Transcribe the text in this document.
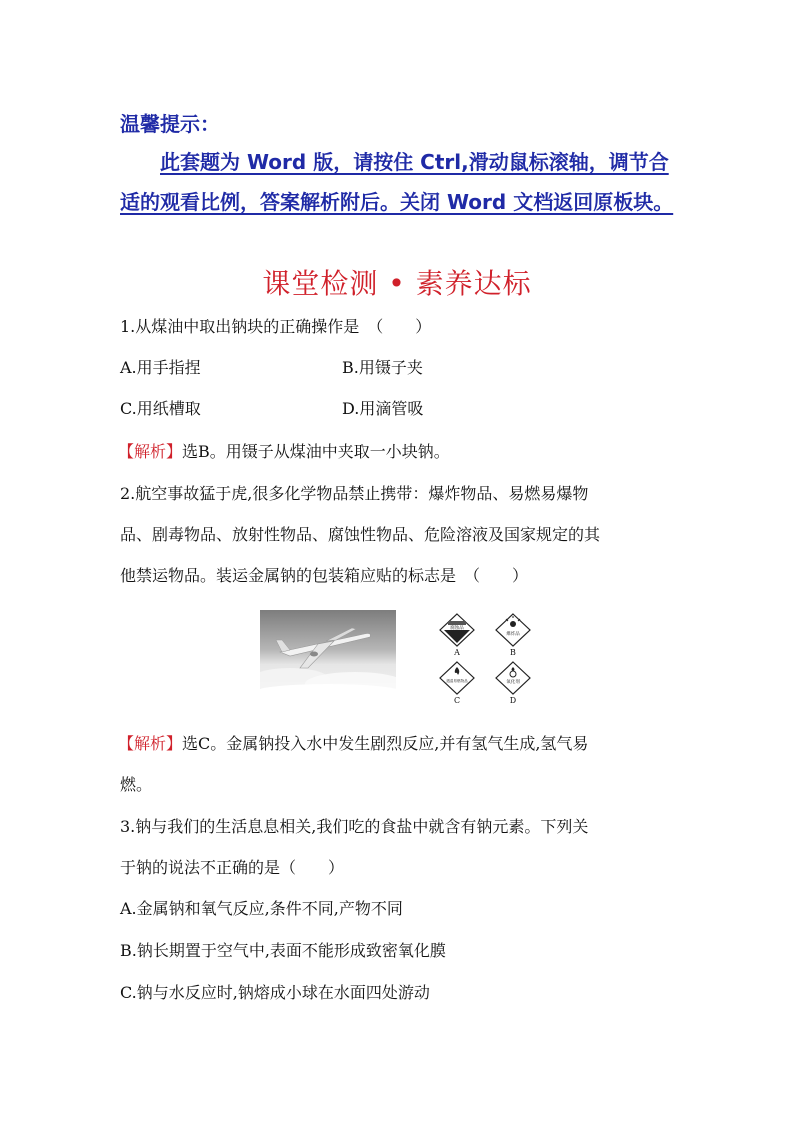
温馨提示：
此套题为 Word 版，请按住 Ctrl,滑动鼠标滚轴，调节合适的观看比例，答案解析附后。关闭 Word 文档返回原板块。
课堂检测 • 素养达标
1.从煤油中取出钠块的正确操作是　（　　）
A.用手指捏	B.用镊子夹
C.用纸槽取	D.用滴管吸
【解析】选B。用镊子从煤油中夹取一小块钠。
2.航空事故猛于虎,很多化学物品禁止携带：爆炸物品、易燃易爆物
品、剧毒物品、放射性物品、腐蚀性物品、危险溶液及国家规定的其
他禁运物品。装运金属钠的包装箱应贴的标志是　（　　）
腐蚀品
A
爆炸品
B
遇湿易燃物品
C
氧化剂
D
【解析】选C。金属钠投入水中发生剧烈反应,并有氢气生成,氢气易
燃。
3.钠与我们的生活息息相关,我们吃的食盐中就含有钠元素。下列关
于钠的说法不正确的是（　　）
A.金属钠和氧气反应,条件不同,产物不同
B.钠长期置于空气中,表面不能形成致密氧化膜
C.钠与水反应时,钠熔成小球在水面四处游动
